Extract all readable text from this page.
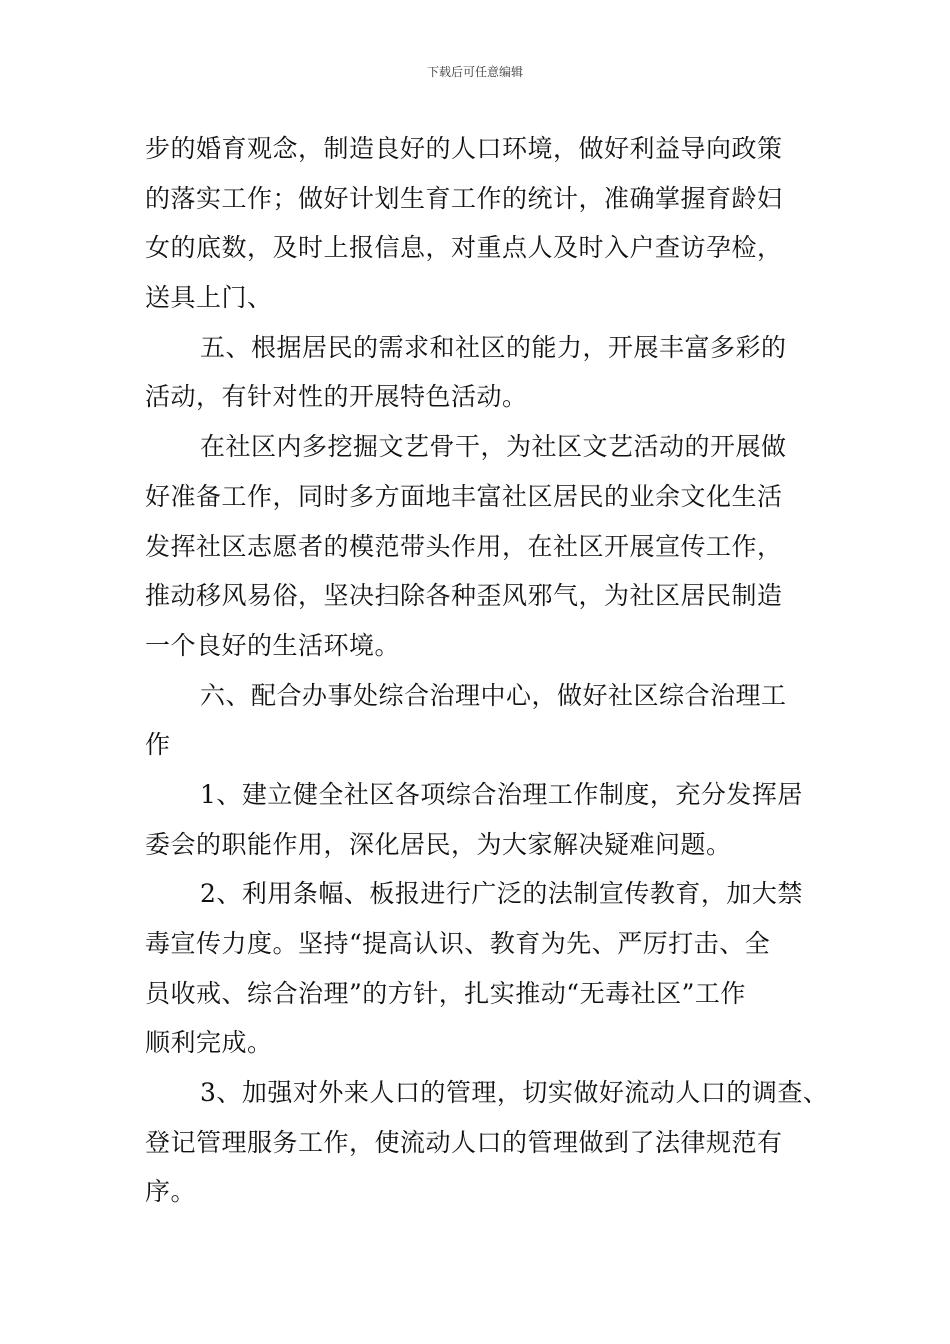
下载后可任意编辑
步的婚育观念，制造良好的人口环境，做好利益导向政策
的落实工作；做好计划生育工作的统计，准确掌握育龄妇
女的底数，及时上报信息，对重点人及时入户查访孕检，
送具上门、
五、根据居民的需求和社区的能力，开展丰富多彩的
活动，有针对性的开展特色活动。
在社区内多挖掘文艺骨干，为社区文艺活动的开展做
好准备工作，同时多方面地丰富社区居民的业余文化生活
发挥社区志愿者的模范带头作用，在社区开展宣传工作，
推动移风易俗，坚决扫除各种歪风邪气，为社区居民制造
一个良好的生活环境。
六、配合办事处综合治理中心，做好社区综合治理工
作
1、建立健全社区各项综合治理工作制度，充分发挥居
委会的职能作用，深化居民，为大家解决疑难问题。
2、利用条幅、板报进行广泛的法制宣传教育，加大禁
毒宣传力度。坚持“提高认识、教育为先、严厉打击、全
员收戒、综合治理”的方针，扎实推动“无毒社区”工作
顺利完成。
3、加强对外来人口的管理，切实做好流动人口的调查、
登记管理服务工作，使流动人口的管理做到了法律规范有
序。
